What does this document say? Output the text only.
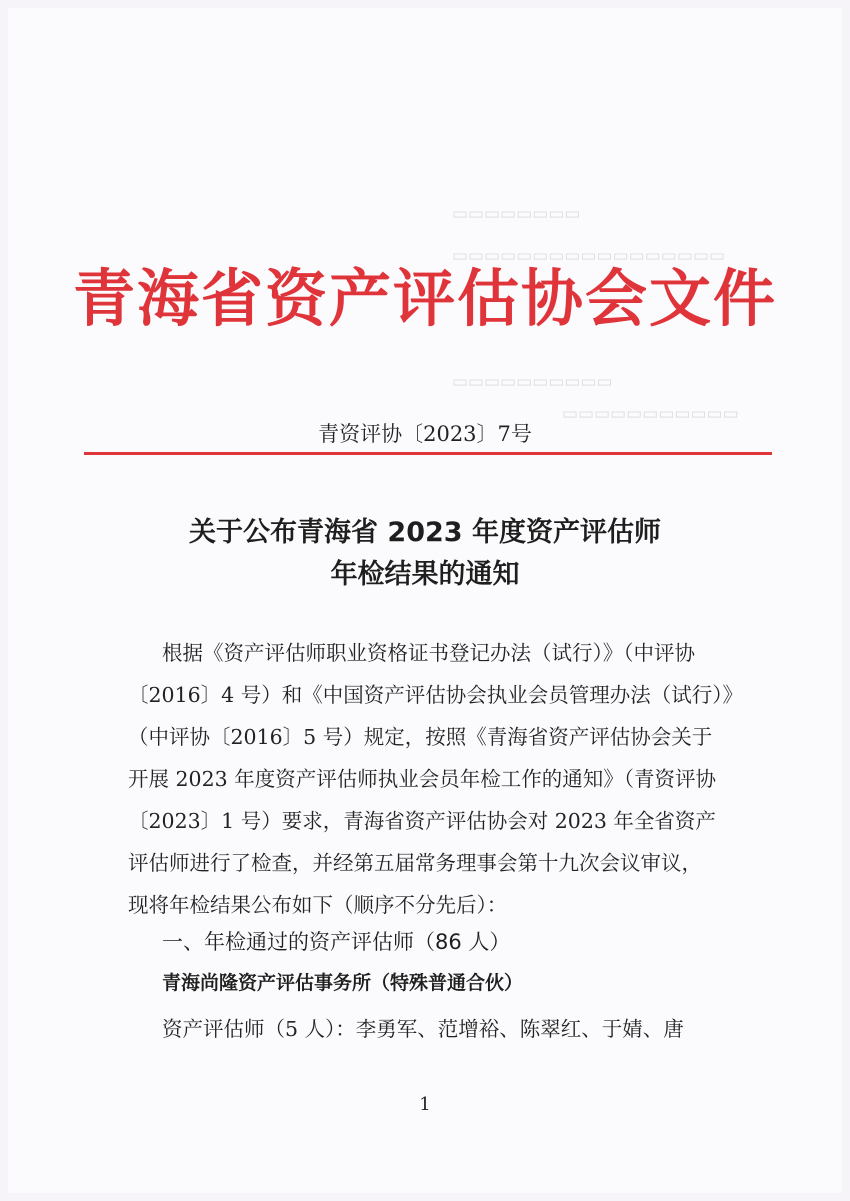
▭▭▭▭▭▭▭▭
▭▭▭▭▭▭▭▭▭▭▭▭▭▭▭▭▭
▭▭▭▭▭▭▭▭▭▭
▭▭▭▭▭▭▭▭▭▭▭
青海省资产评估协会文件
青资评协〔2023〕7号
关于公布青海省 2023 年度资产评估师
年检结果的通知
根据《资产评估师职业资格证书登记办法（试行）》（中评协
〔2016〕4 号）和《中国资产评估协会执业会员管理办法（试行）》
（中评协〔2016〕5 号）规定，按照《青海省资产评估协会关于
开展 2023 年度资产评估师执业会员年检工作的通知》（青资评协
〔2023〕1 号）要求，青海省资产评估协会对 2023 年全省资产
评估师进行了检查，并经第五届常务理事会第十九次会议审议，
现将年检结果公布如下（顺序不分先后）：
一、年检通过的资产评估师（86 人）
青海尚隆资产评估事务所（特殊普通合伙）
资产评估师（5 人）：李勇军、范增裕、陈翠红、于婧、唐
1
